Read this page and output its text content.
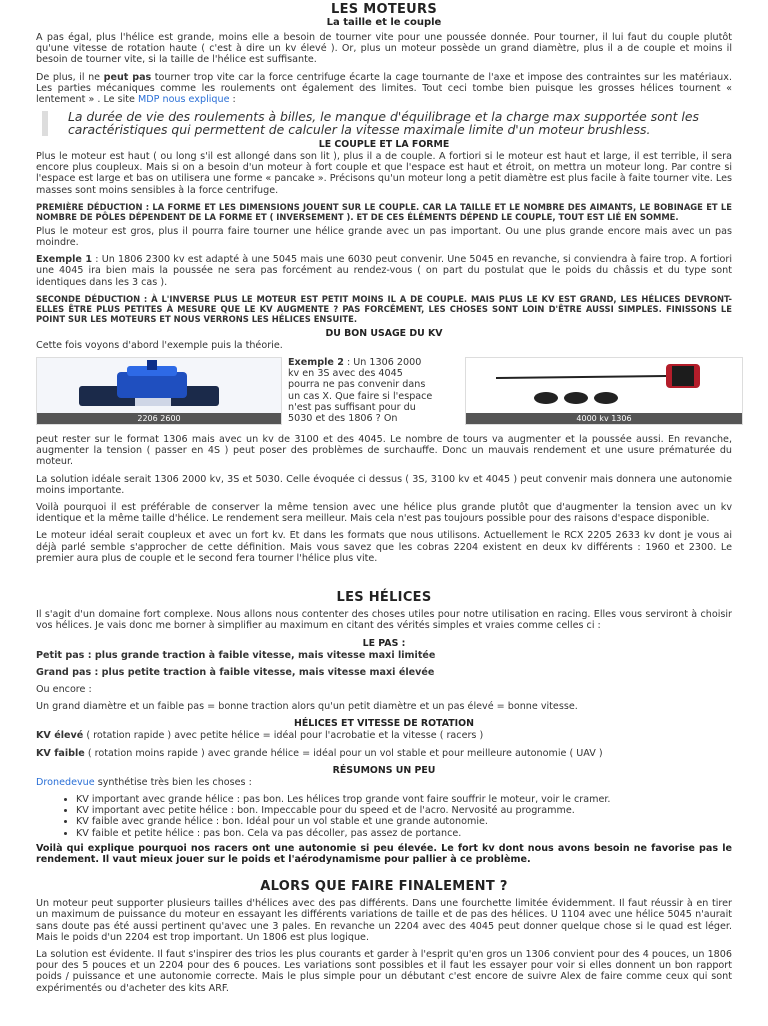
LES MOTEURS
La taille et le couple

A pas égal, plus l'hélice est grande, moins elle a besoin de tourner vite pour une poussée donnée. Pour tourner, il lui faut du couple plutôt qu'une vitesse de rotation haute ( c'est à dire un kv élevé ). Or, plus un moteur possède un grand diamètre, plus il a de couple et moins il besoin de tourner vite, si la taille de l'hélice est suffisante.

De plus, il ne peut pas tourner trop vite car la force centrifuge écarte la cage tournante de l'axe et impose des contraintes sur les matériaux. Les parties mécaniques comme les roulements ont également des limites. Tout ceci tombe bien puisque les grosses hélices tournent « lentement » . Le site MDP nous explique :

La durée de vie des roulements à billes, le manque d'équilibrage et la charge max supportée sont les caractéristiques qui permettent de calculer la vitesse maximale limite d'un moteur brushless.
LE COUPLE ET LA FORME

Plus le moteur est haut ( ou long s'il est allongé dans son lit ), plus il a de couple. A fortiori si le moteur est haut et large, il est terrible, il sera encore plus coupleux. Mais si on a besoin d'un moteur à fort couple et que l'espace est haut et étroit, on mettra un moteur long. Par contre si l'espace est large et bas on utilisera une forme « pancake ». Précisons qu'un moteur long a petit diamètre est plus facile à faite tourner vite. Les masses sont moins sensibles à la force centrifuge.

PREMIÈRE DÉDUCTION : LA FORME ET LES DIMENSIONS JOUENT SUR LE COUPLE. CAR LA TAILLE ET LE NOMBRE DES AIMANTS, LE BOBINAGE ET LE NOMBRE DE PÔLES DÉPENDENT DE LA FORME ET ( INVERSEMENT ). ET DE CES ÉLÉMENTS DÉPEND LE COUPLE, TOUT EST LIÉ EN SOMME.

Plus le moteur est gros, plus il pourra faire tourner une hélice grande avec un pas important. Ou une plus grande encore mais avec un pas moindre.

Exemple 1 : Un 1806 2300 kv est adapté à une 5045 mais une 6030 peut convenir. Une 5045 en revanche, si conviendra à faire trop. A fortiori une 4045 ira bien mais la poussée ne sera pas forcément au rendez-vous ( on part du postulat que le poids du châssis et du type sont identiques dans les 3 cas ).

SECONDE DÉDUCTION : À L'INVERSE PLUS LE MOTEUR EST PETIT MOINS IL A DE COUPLE. MAIS PLUS LE KV EST GRAND, LES HÉLICES DEVRONT-ELLES ÊTRE PLUS PETITES À MESURE QUE LE KV AUGMENTE ? PAS FORCÉMENT, LES CHOSES SONT LOIN D'ÊTRE AUSSI SIMPLES. FINISSONS LE POINT SUR LES MOTEURS ET NOUS VERRONS LES HÉLICES ENSUITE.

DU BON USAGE DU KV

Cette fois voyons d'abord l'exemple puis la théorie.

2206 2600
Exemple 2 : Un 1306 2000 kv en 3S avec des 4045 pourra ne pas convenir dans un cas X. Que faire si l'espace n'est pas suffisant pour du 5030 et des 1806 ? On	4000 kv 1306

peut rester sur le format 1306 mais avec un kv de 3100 et des 4045. Le nombre de tours va augmenter et la poussée aussi. En revanche, augmenter la tension ( passer en 4S ) peut poser des problèmes de surchauffe. Donc un mauvais rendement et une usure prématurée du moteur.

La solution idéale serait 1306 2000 kv, 3S et 5030. Celle évoquée ci dessus ( 3S, 3100 kv et 4045 ) peut convenir mais donnera une autonomie moins importante.

Voilà pourquoi il est préférable de conserver la même tension avec une hélice plus grande plutôt que d'augmenter la tension avec un kv identique et la même taille d'hélice. Le rendement sera meilleur. Mais cela n'est pas toujours possible pour des raisons d'espace disponible.

Le moteur idéal serait coupleux et avec un fort kv. Et dans les formats que nous utilisons. Actuellement le RCX 2205 2633 kv dont je vous ai déjà parlé semble s'approcher de cette définition. Mais vous savez que les cobras 2204 existent en deux kv différents : 1960 et 2300. Le premier aura plus de couple et le second fera tourner l'hélice plus vite.

LES HÉLICES

Il s'agit d'un domaine fort complexe. Nous allons nous contenter des choses utiles pour notre utilisation en racing. Elles vous serviront à choisir vos hélices. Je vais donc me borner à simplifier au maximum en citant des vérités simples et vraies comme celles ci :

LE PAS :

Petit pas : plus grande traction à faible vitesse, mais vitesse maxi limitée

Grand pas : plus petite traction à faible vitesse, mais vitesse maxi élevée

Ou encore :

Un grand diamètre et un faible pas = bonne traction alors qu'un petit diamètre et un pas élevé = bonne vitesse.

HÉLICES ET VITESSE DE ROTATION

KV élevé ( rotation rapide ) avec petite hélice = idéal pour l'acrobatie et la vitesse ( racers )

KV faible ( rotation moins rapide ) avec grande hélice = idéal pour un vol stable et pour meilleure autonomie ( UAV )

RÉSUMONS UN PEU

Dronedevue synthétise très bien les choses :

• KV important avec grande hélice : pas bon. Les hélices trop grande vont faire souffrir le moteur, voir le cramer.
• KV important avec petite hélice : bon. Impeccable pour du speed et de l'acro. Nervosité au programme.
• KV faible avec grande hélice : bon. Idéal pour un vol stable et une grande autonomie.
• KV faible et petite hélice : pas bon. Cela va pas décoller, pas assez de portance.

Voilà qui explique pourquoi nos racers ont une autonomie si peu élevée. Le fort kv dont nous avons besoin ne favorise pas le rendement. Il vaut mieux jouer sur le poids et l'aérodynamisme pour pallier à ce problème.

ALORS QUE FAIRE FINALEMENT ?

Un moteur peut supporter plusieurs tailles d'hélices avec des pas différents. Dans une fourchette limitée évidemment. Il faut réussir à en tirer un maximum de puissance du moteur en essayant les différents variations de taille et de pas des hélices. U 1104 avec une hélice 5045 n'aurait sans doute pas été aussi pertinent qu'avec une 3 pales. En revanche un 2204 avec des 4045 peut donner quelque chose si le quad est léger. Mais le poids d'un 2204 est trop important. Un 1806 est plus logique.

La solution est évidente. Il faut s'inspirer des trios les plus courants et garder à l'esprit qu'en gros un 1306 convient pour des 4 pouces, un 1806 pour des 5 pouces et un 2204 pour des 6 pouces. Les variations sont possibles et il faut les essayer pour voir si elles donnent un bon rapport poids / puissance et une autonomie correcte. Mais le plus simple pour un débutant c'est encore de suivre Alex de faire comme ceux qui sont expérimentés ou d'acheter des kits ARF.
